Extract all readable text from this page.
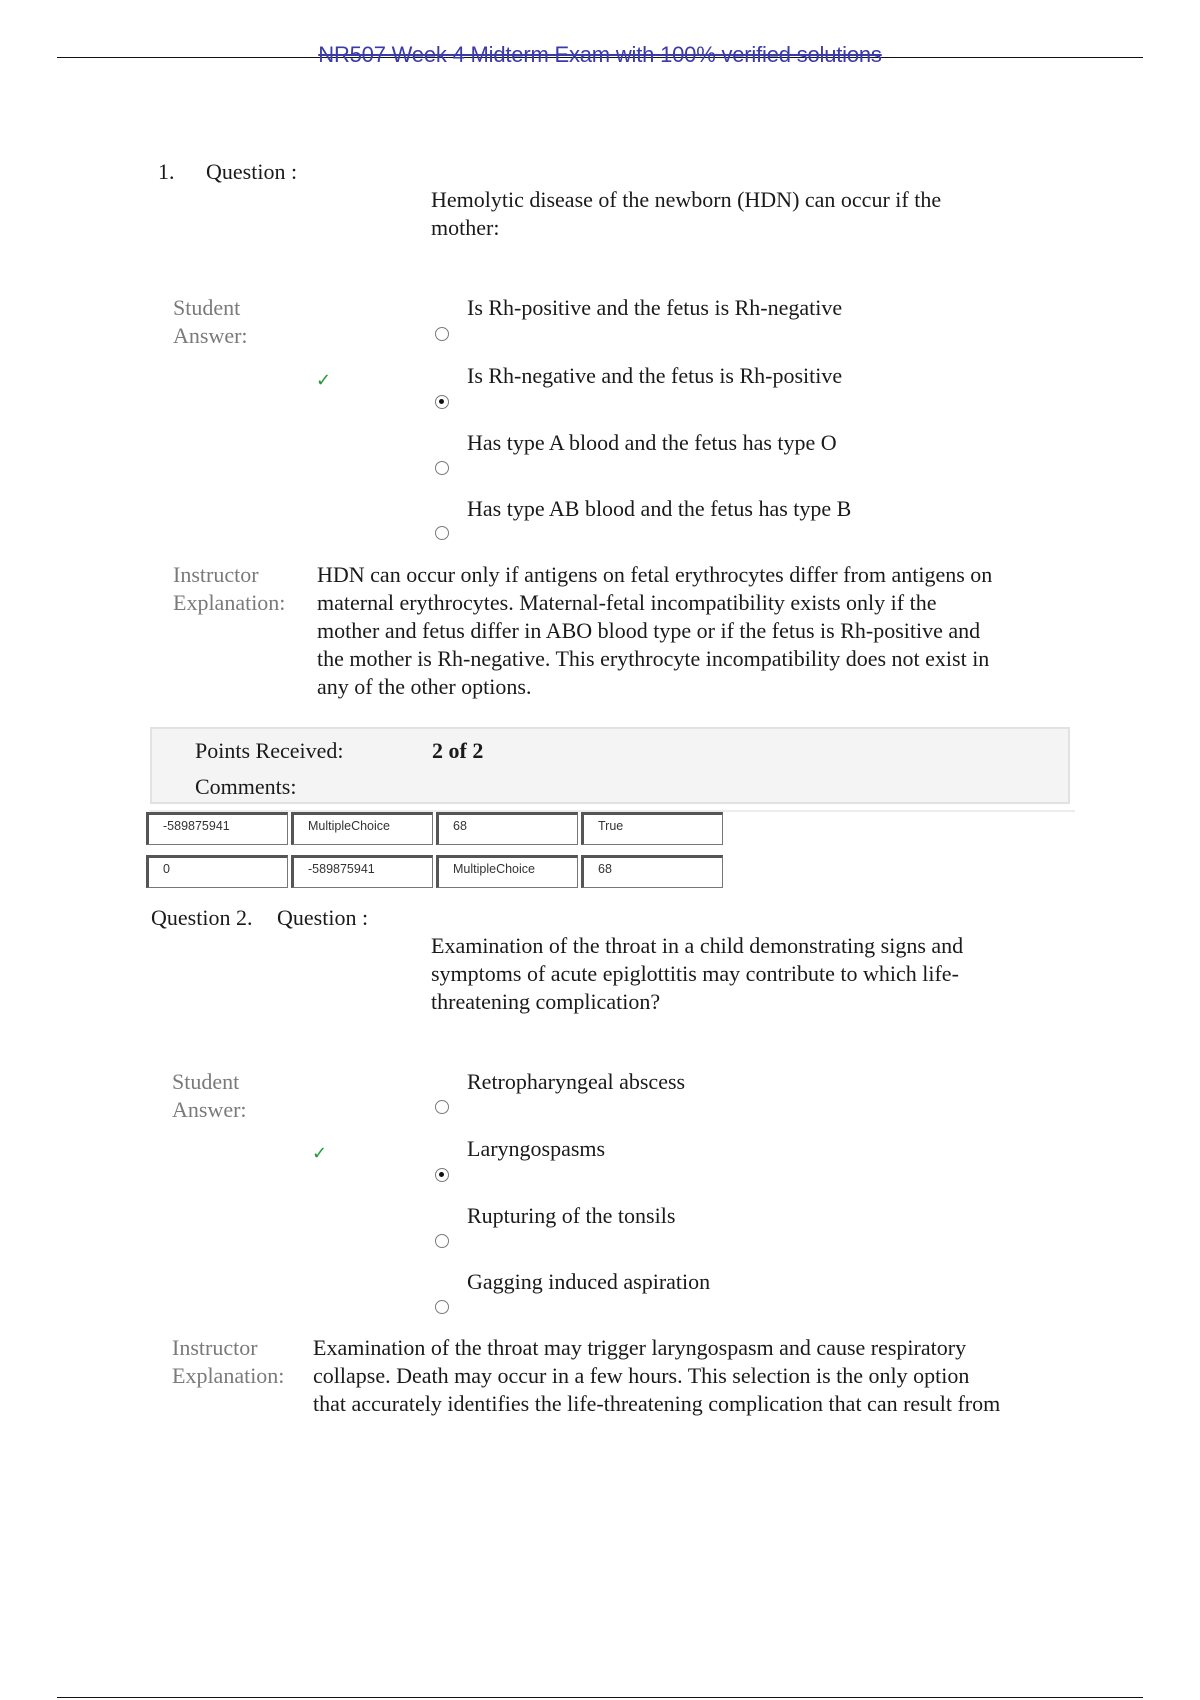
NR507 Week 4 Midterm Exam with 100% verified solutions
1. Question :
Hemolytic disease of the newborn (HDN) can occur if the
mother:
Student
Answer:
Is Rh-positive and the fetus is Rh-negative
✓	Is Rh-negative and the fetus is Rh-positive
Has type A blood and the fetus has type O
Has type AB blood and the fetus has type B
Instructor
Explanation:
HDN can occur only if antigens on fetal erythrocytes differ from antigens on
maternal erythrocytes. Maternal-fetal incompatibility exists only if the
mother and fetus differ in ABO blood type or if the fetus is Rh-positive and
the mother is Rh-negative. This erythrocyte incompatibility does not exist in
any of the other options.
Points Received:	2 of 2
Comments:
-589875941	MultipleChoice	68	True
0	-589875941	MultipleChoice	68
Question 2. Question :
Examination of the throat in a child demonstrating signs and
symptoms of acute epiglottitis may contribute to which life-
threatening complication?
Student
Answer:
Retropharyngeal abscess
✓	Laryngospasms
Rupturing of the tonsils
Gagging induced aspiration
Instructor
Explanation:
Examination of the throat may trigger laryngospasm and cause respiratory
collapse. Death may occur in a few hours. This selection is the only option
that accurately identifies the life-threatening complication that can result from
